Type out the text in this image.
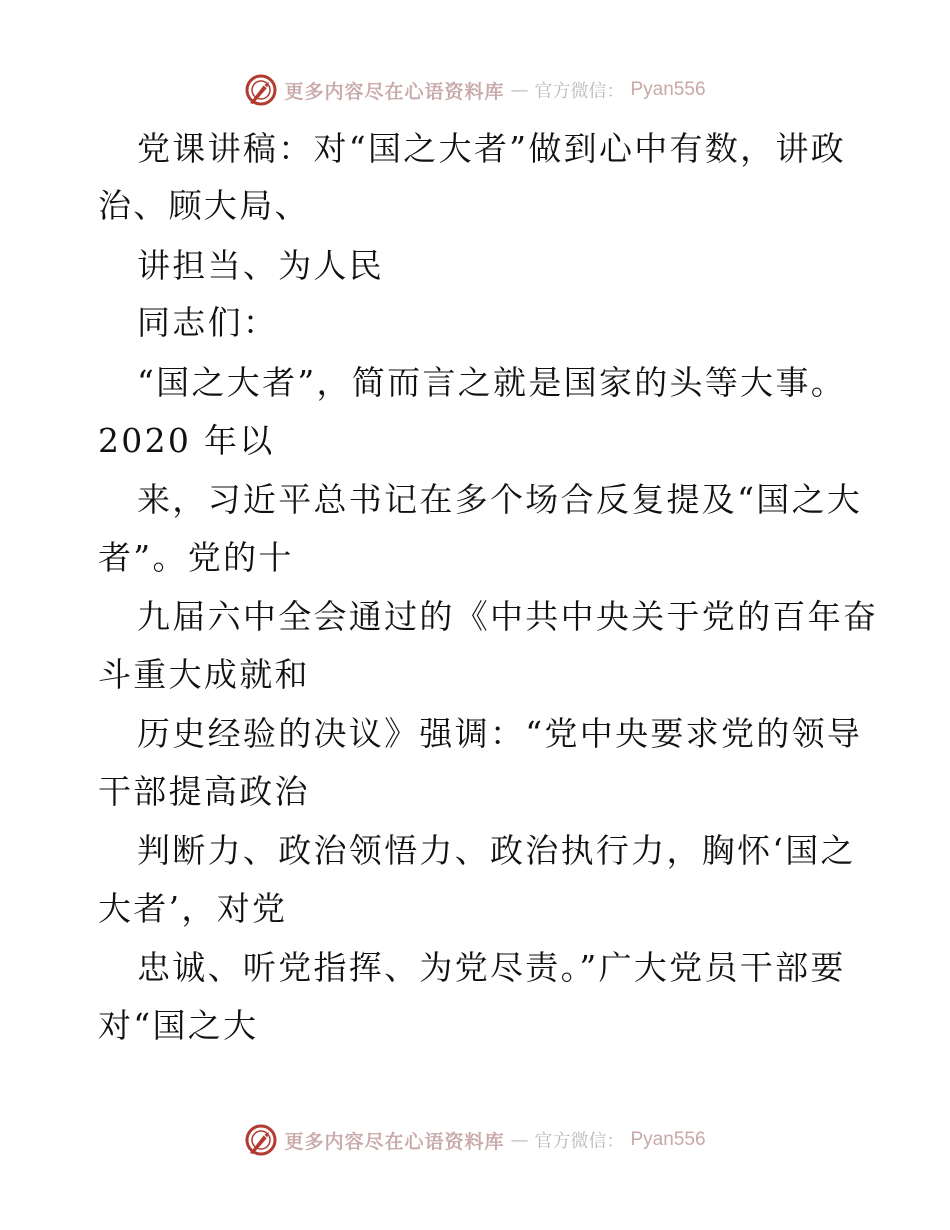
更多内容尽在心语资料库 — 官方微信： Pyan556
党课讲稿：对“国之大者”做到心中有数，讲政
治、顾大局、
讲担当、为人民
同志们：
“国之大者”，简而言之就是国家的头等大事。
2020 年以
来，习近平总书记在多个场合反复提及“国之大
者”。党的十
九届六中全会通过的《中共中央关于党的百年奋
斗重大成就和
历史经验的决议》强调：“党中央要求党的领导
干部提高政治
判断力、政治领悟力、政治执行力，胸怀‘国之
大者’，对党
忠诚、听党指挥、为党尽责。”广大党员干部要
对“国之大
更多内容尽在心语资料库 — 官方微信： Pyan556
